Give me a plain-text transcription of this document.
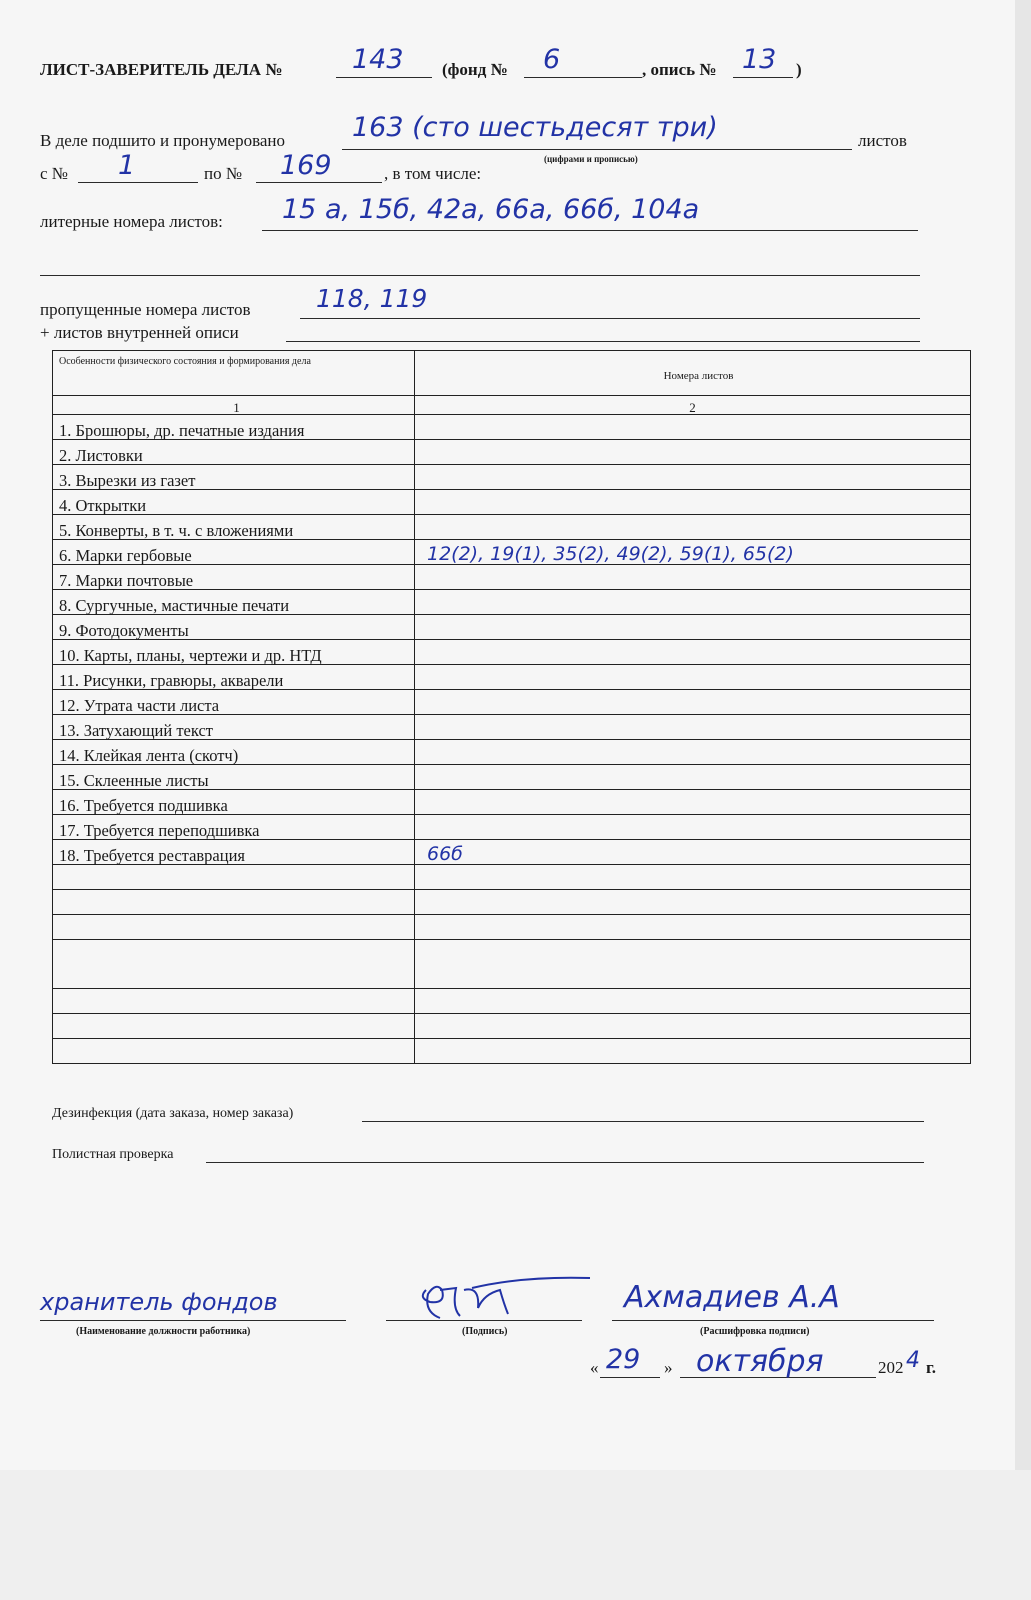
ЛИСТ-ЗАВЕРИТЕЛЬ ДЕЛА №	143 (фонд № 6	, опись № 13 )
В деле подшито и пронумеровано 163 (сто шестьдесят три)	листов
(цифрами и прописью)
с № 1	по № 169	, в том числе:
литерные номера листов: 15 а, 15б, 42а, 66а, 66б, 104а
пропущенные номера листов	118, 119
+ листов внутренней описи
Особенности физического состояния и формирования дела	Номера листов
1	2
1. Брошюры, др. печатные издания	
2. Листовки	
3. Вырезки из газет	
4. Открытки	
5. Конверты, в т. ч. с вложениями	
6. Марки гербовые	12(2), 19(1), 35(2), 49(2), 59(1), 65(2)
7. Марки почтовые	
8. Сургучные, мастичные печати	
9. Фотодокументы	
10. Карты, планы, чертежи и др. НТД	
11. Рисунки, гравюры, акварели	
12. Утрата части листа	
13. Затухающий текст	
14. Клейкая лента (скотч)	
15. Склеенные листы	
16. Требуется подшивка	
17. Требуется переподшивка	
18. Требуется реставрация	66б

Дезинфекция (дата заказа, номер заказа)
Полистная проверка
хранитель фондов
(Наименование должности работника)	(Подпись)
Ахмадиев А.А
(Расшифровка подписи)
« 29 » октября	202 4 г.
